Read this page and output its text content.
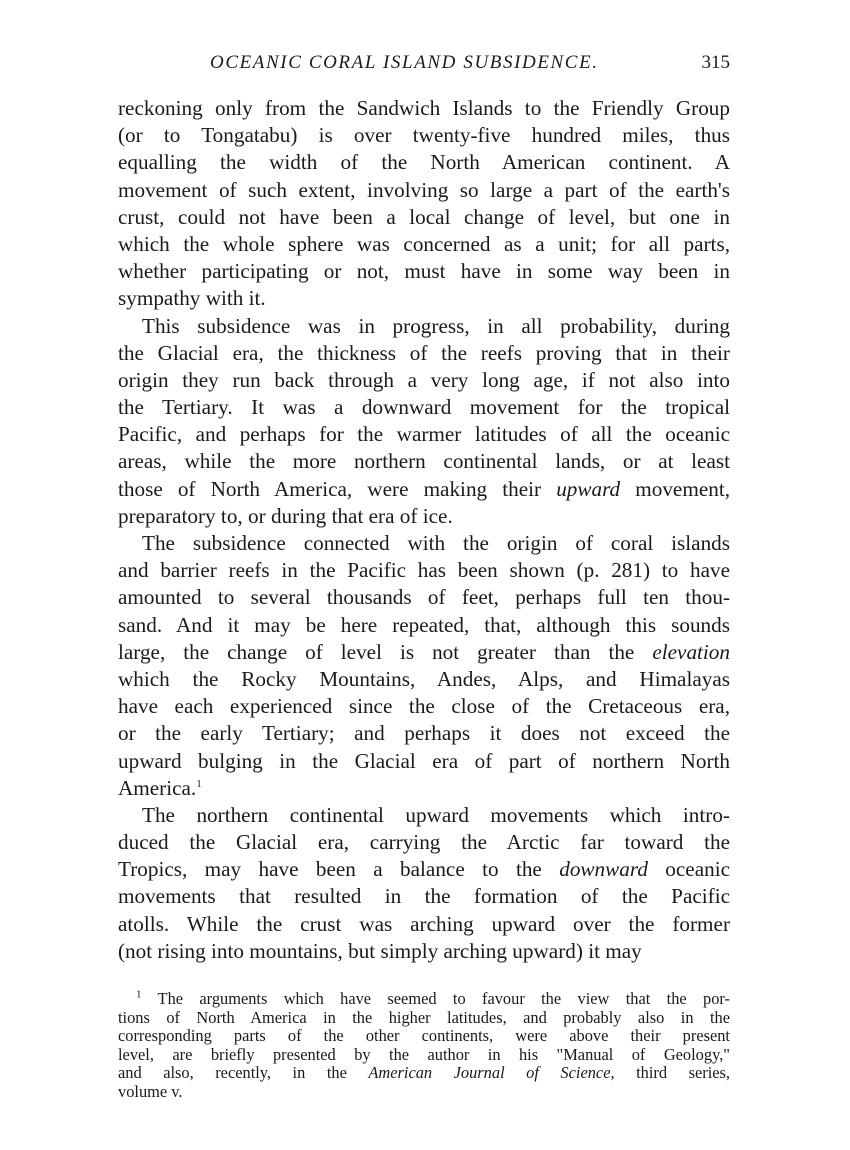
OCEANIC CORAL ISLAND SUBSIDENCE.	315
reckoning only from the Sandwich Islands to the Friendly Group
(or to Tongatabu) is over twenty-five hundred miles, thus
equalling the width of the North American continent. A
movement of such extent, involving so large a part of the earth's
crust, could not have been a local change of level, but one in
which the whole sphere was concerned as a unit; for all parts,
whether participating or not, must have in some way been in
sympathy with it.
This subsidence was in progress, in all probability, during
the Glacial era, the thickness of the reefs proving that in their
origin they run back through a very long age, if not also into
the Tertiary. It was a downward movement for the tropical
Pacific, and perhaps for the warmer latitudes of all the oceanic
areas, while the more northern continental lands, or at least
those of North America, were making their upward movement,
preparatory to, or during that era of ice.
The subsidence connected with the origin of coral islands
and barrier reefs in the Pacific has been shown (p. 281) to have
amounted to several thousands of feet, perhaps full ten thou-
sand. And it may be here repeated, that, although this sounds
large, the change of level is not greater than the elevation
which the Rocky Mountains, Andes, Alps, and Himalayas
have each experienced since the close of the Cretaceous era,
or the early Tertiary; and perhaps it does not exceed the
upward bulging in the Glacial era of part of northern North
America.$^1$
The northern continental upward movements which intro-
duced the Glacial era, carrying the Arctic far toward the
Tropics, may have been a balance to the downward oceanic
movements that resulted in the formation of the Pacific
atolls. While the crust was arching upward over the former
(not rising into mountains, but simply arching upward) it may
$^1$ The arguments which have seemed to favour the view that the por-
tions of North America in the higher latitudes, and probably also in the
corresponding parts of the other continents, were above their present
level, are briefly presented by the author in his "Manual of Geology,"
and also, recently, in the American Journal of Science, third series,
volume v.
